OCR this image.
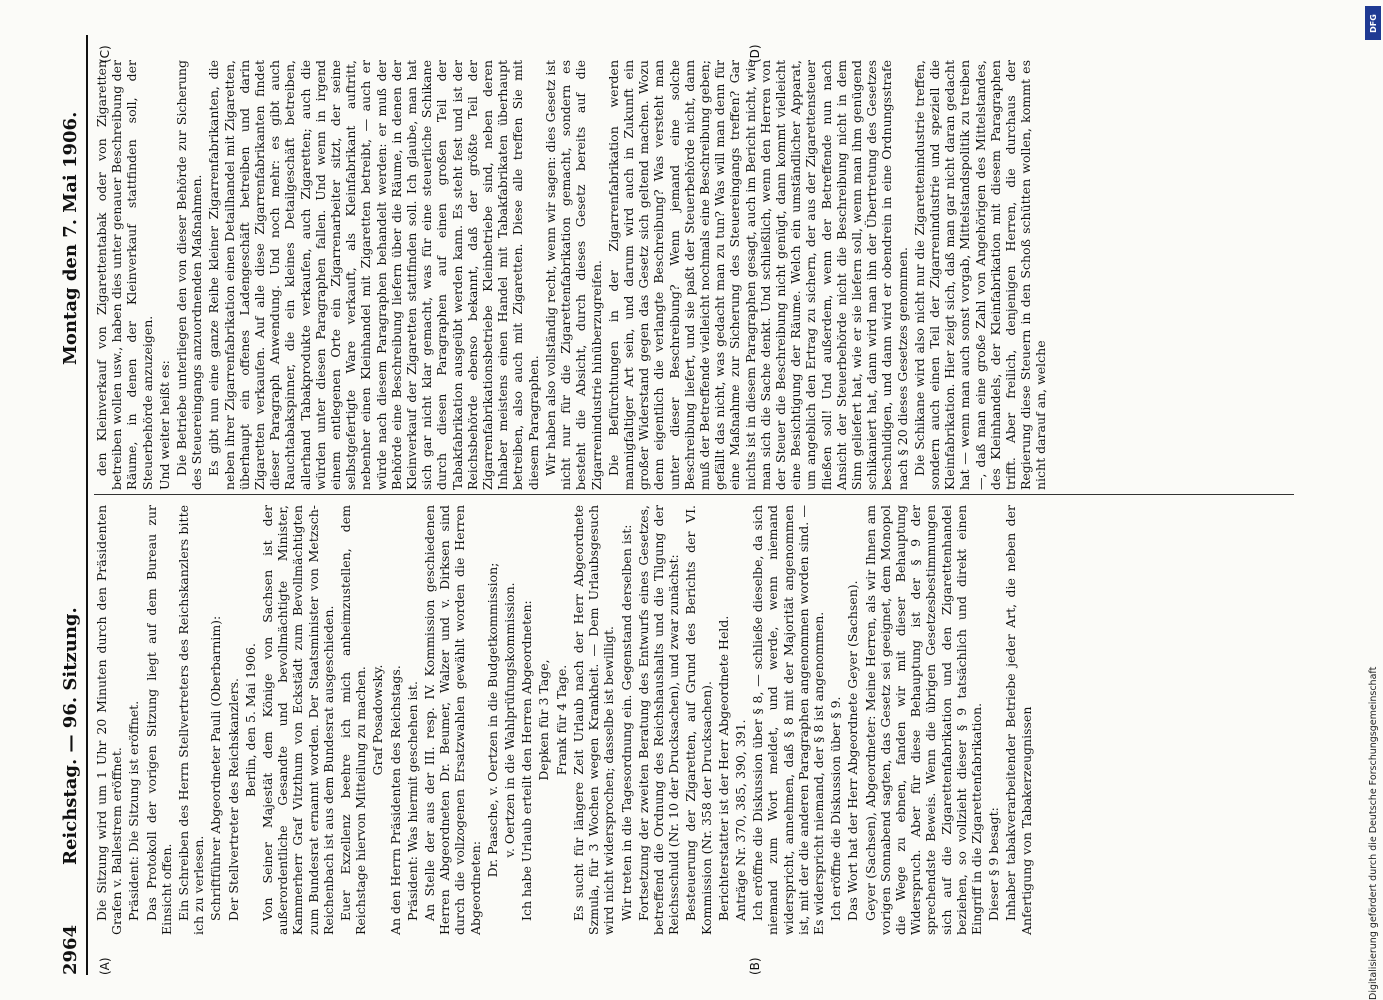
2964
Reichstag. — 96. Sitzung.
Montag den 7. Mai 1906.
(A)	(B)
(C)	(D)

Die Sitzung wird um 1 Uhr 20 Minuten durch den Präsidenten Grafen v. Ballestrem eröffnet. Präsident: Die Sitzung ist eröffnet. Das Protokoll der vorigen Sitzung liegt auf dem Bureau zur Einsicht offen. Ein Schreiben des Herrn Stellvertreters des Reichskanzlers bitte ich zu verlesen. Schriftführer Abgeordneter Pauli (Oberbarnim): Der Stellvertreter des Reichskanzlers. Berlin, den 5. Mai 1906. Von Seiner Majestät dem Könige von Sachsen ist der außerordentliche Gesandte und bevollmächtigte Minister, Kammerherr Graf Vitzthum von Eckstädt zum Bevollmächtigten zum Bundesrat ernannt worden. Der Staatsminister von Metzsch-Reichenbach ist aus dem Bundesrat ausgeschieden. Euer Exzellenz beehre ich mich anheimzustellen, dem Reichstage hiervon Mitteilung zu machen. Graf Posadowsky. An den Herrn Präsidenten des Reichstags. Präsident: Was hiermit geschehen ist. An Stelle der aus der III. resp. IV. Kommission geschiedenen Herren Abgeordneten Dr. Beumer, Walzer und v. Dirksen sind durch die vollzogenen Ersatzwahlen gewählt worden die Herren Abgeordneten:

Dr. Paasche, v. Oertzen in die Budgetkommission; v. Oertzen in die Wahlprüfungskommission. Ich habe Urlaub erteilt den Herren Abgeordneten: Depken für 3 Tage, Frank für 4 Tage. Es sucht für längere Zeit Urlaub nach der Herr Abgeordnete Szmula, für 3 Wochen wegen Krankheit. — Dem Urlaubsgesuch wird nicht widersprochen; dasselbe ist bewilligt. Wir treten in die Tagesordnung ein. Gegenstand derselben ist: Fortsetzung der zweiten Beratung des Entwurfs eines Gesetzes, betreffend die Ordnung des Reichshaushalts und die Tilgung der Reichsschuld (Nr. 10 der Drucksachen), und zwar zunächst: Besteuerung der Zigaretten, auf Grund des Berichts der VI. Kommission (Nr. 358 der Drucksachen). Berichterstatter ist der Herr Abgeordnete Held. Anträge Nr. 370, 385, 390, 391. Ich eröffne die Diskussion über § 8, — schließe dieselbe, da sich niemand zum Wort meldet, und werde, wenn niemand widerspricht, annehmen, daß § 8 mit der Majorität angenommen ist, mit der die anderen Paragraphen angenommen worden sind. — Es widerspricht niemand, der § 8 ist angenommen. Ich eröffne die Diskussion über § 9. Das Wort hat der Herr Abgeordnete Geyer (Sachsen). Geyer (Sachsen), Abgeordneter: Meine Herren, als wir Ihnen am vorigen Sonnabend sagten, das Gesetz sei geeignet, dem Monopol die Wege zu ebnen, fanden wir mit dieser Behauptung Widerspruch. Aber für diese Behauptung ist der § 9 der sprechendste Beweis. Wenn die übrigen Gesetzesbestimmungen sich auf die Zigarettenfabrikation und den Zigarettenhandel beziehen, so vollzieht dieser § 9 tatsächlich und direkt einen Eingriff in die Zigarettenfabrikation. Dieser § 9 besagt: Inhaber tabakverarbeitender Betriebe jeder Art, die neben der Anfertigung von Tabakerzeugnissen

den Kleinverkauf von Zigarettentabak oder von Zigaretten betreiben wollen usw., haben dies unter genauer Beschreibung der Räume, in denen der Kleinverkauf stattfinden soll, der Steuerbehörde anzuzeigen. Und weiter heißt es: Die Betriebe unterliegen den von dieser Behörde zur Sicherung des Steuereingangs anzuordnenden Maßnahmen. Es gibt nun eine ganze Reihe kleiner Zigarrenfabrikanten, die neben ihrer Zigarrenfabrikation einen Detailhandel mit Zigaretten, überhaupt ein offenes Ladengeschäft betreiben und darin Zigaretten verkaufen. Auf alle diese Zigarrenfabrikanten findet dieser Paragraph Anwendung. Und noch mehr: es gibt auch Rauchtabakspinner, die ein kleines Detailgeschäft betreiben, allerhand Tabakprodukte verkaufen, auch Zigaretten; auch die würden unter diesen Paragraphen fallen. Und wenn in irgend einem entlegenen Orte ein Zigarrenarbeiter sitzt, der seine selbstgefertigte Ware verkauft, als Kleinfabrikant auftritt, nebenher einen Kleinhandel mit Zigaretten betreibt, — auch er würde nach diesem Paragraphen behandelt werden: er muß der Behörde eine Beschreibung liefern über die Räume, in denen der Kleinverkauf der Zigaretten stattfinden soll. Ich glaube, man hat sich gar nicht klar gemacht, was für eine steuerliche Schikane durch diesen Paragraphen auf einen großen Teil der Tabakfabrikation ausgeübt werden kann. Es steht fest und ist der Reichsbehörde ebenso bekannt, daß der größte Teil der Zigarrenfabrikationsbetriebe Kleinbetriebe sind, neben deren Inhaber meistens einen Handel mit Tabakfabrikaten überhaupt betreiben, also auch mit Zigaretten. Diese alle treffen Sie mit diesem Paragraphen. Wir haben also vollständig recht, wenn wir sagen: dies Gesetz ist nicht nur für die Zigarettenfabrikation gemacht, sondern es besteht die Absicht, durch dieses Gesetz bereits auf die Zigarrenindustrie hinüberzugreifen. Die Befürchtungen in der Zigarrenfabrikation werden mannigfaltiger Art sein, und darum wird auch in Zukunft ein großer Widerstand gegen das Gesetz sich geltend machen. Wozu denn eigentlich die verlangte Beschreibung? Was versteht man unter dieser Beschreibung? Wenn jemand eine solche Beschreibung liefert, und sie paßt der Steuerbehörde nicht, dann muß der Betreffende vielleicht nochmals eine Beschreibung geben; gefällt das nicht, was gedacht man zu tun? Was will man denn für eine Maßnahme zur Sicherung des Steuereingangs treffen? Gar nichts ist in diesem Paragraphen gesagt, auch im Bericht nicht, wie man sich die Sache denkt. Und schließlich, wenn den Herren von der Steuer die Beschreibung nicht genügt, dann kommt vielleicht eine Besichtigung der Räume. Welch ein umständlicher Apparat, um angeblich den Ertrag zu sichern, der aus der Zigarettensteuer fließen soll! Und außerdem, wenn der Betreffende nun nach Ansicht der Steuerbehörde nicht die Beschreibung nicht in dem Sinn geliefert hat, wie er sie liefern soll, wenn man ihm genügend schikaniert hat, dann wird man ihn der Übertretung des Gesetzes beschuldigen, und dann wird er obendrein in eine Ordnungsstrafe nach § 20 dieses Gesetzes genommen. Die Schikane wird also nicht nur die Zigarettenindustrie treffen, sondern auch einen Teil der Zigarrenindustrie und speziell die Kleinfabrikation. Hier zeigt sich, daß man gar nicht daran gedacht hat — wenn man auch sonst vorgab, Mittelstandspolitik zu treiben —, daß man eine große Zahl von Angehörigen des Mittelstandes, des Kleinhandels, der Kleinfabrikation mit diesem Paragraphen trifft. Aber freilich, denjenigen Herren, die durchaus der Regierung diese Steuern in den Schoß schütten wollen, kommt es nicht darauf an, welche

DFG
Digitalisierung gefördert durch die Deutsche Forschungsgemeinschaft
